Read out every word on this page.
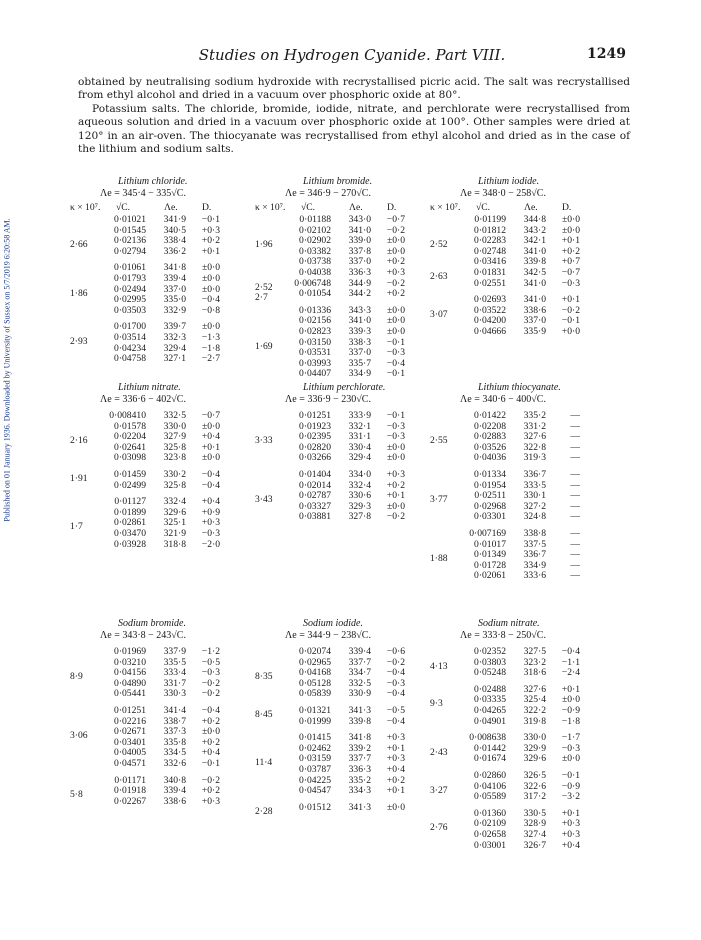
Published on 01 January 1936. Downloaded by University of Sussex on 5/7/2019 6:20:58 AM.
Studies on Hydrogen Cyanide. Part VIII.	1249

obtained by neutralising sodium hydroxide with recrystallised picric acid. The salt was recrystallised from ethyl alcohol and dried in a vacuum over phosphoric oxide at 80°.

Potassium salts. The chloride, bromide, iodide, nitrate, and perchlorate were recrystallised from aqueous solution and dried in a vacuum over phosphoric oxide at 100°. Other samples were dried at 120° in an air-oven. The thiocyanate was recrystallised from ethyl alcohol and dried as in the case of the lithium and sodium salts.

Lithium chloride.
Λe = 345·4 − 335√C.
κ × 10⁷. √C.	Λe.	D.
0·01021 341·9 −0·1
0·01545 340·5 +0·3
2·66	0·02136 338·4 +0·2
0·02794 336·2 +0·1
0·01061 341·8 ±0·0
0·01793 339·4 ±0·0
1·86	0·02494 337·0 ±0·0
0·02995 335·0 −0·4
0·03503 332·9 −0·8
0·01700 339·7 ±0·0
2·93	0·03514 332·3 −1·3
0·04234 329·4 −1·8
0·04758 327·1 −2·7
Lithium bromide.
Λe = 346·9 − 270√C.
κ × 10⁷. √C.	Λe.	D.
0·01188 343·0 −0·7
0·02102 341·0 −0·2
1·96	0·02902 339·0 ±0·0
0·03382 337·8 ±0·0
0·03738 337·0 +0·2
0·04038 336·3 +0·3
2·52 0·006748 344·9 −0·2
2·7	0·01054 344·2 +0·2
0·01336 343·3 ±0·0
0·02156 341·0 ±0·0
0·02823 339·3 ±0·0
1·69	0·03150 338·3 −0·1
0·03531 337·0 −0·3
0·03993 335·7 −0·4
0·04407 334·9 −0·1
Lithium iodide.
Λe = 348·0 − 258√C.
κ × 10⁷. √C.	Λe.	D.
0·01199 344·8 ±0·0
0·01812 343·2 ±0·0
2·52	0·02283 342·1 +0·1
0·02748 341·0 +0·2
0·03416 339·8 +0·7
2·63	0·01831 342·5 −0·7
0·02551 341·0 −0·3
0·02693 341·0 +0·1
3·07	0·03522 338·6 −0·2
0·04200 337·0 −0·1
0·04666 335·9 +0·0
Lithium nitrate.
Λe = 336·6 − 402√C.
0·008410 332·5 −0·7
0·01578 330·0 ±0·0
2·16	0·02204 327·9 +0·4
0·02641 325·8 +0·1
0·03098 323·8 ±0·0
1·91	0·01459 330·2 −0·4
0·02499 325·8 −0·4
0·01127 332·4 +0·4
0·01899 329·6 +0·9
1·7	0·02861 325·1 +0·3
0·03470 321·9 −0·3
0·03928 318·8 −2·0
Lithium perchlorate.
Λe = 336·9 − 230√C.
0·01251 333·9 −0·1
0·01923 332·1 −0·3
3·33	0·02395 331·1 −0·3
0·02820 330·4 ±0·0
0·03266 329·4 ±0·0
0·01404 334·0 +0·3
0·02014 332·4 +0·2
3·43	0·02787 330·6 +0·1
0·03327 329·3 ±0·0
0·03881 327·8 −0·2
Lithium thiocyanate.
Λe = 340·6 − 400√C.
0·01422 335·2	—
0·02208 331·2	—
2·55	0·02883 327·6	—
0·03526 322·8	—
0·04036 319·3	—
0·01334 336·7	—
0·01954 333·5	—
3·77	0·02511 330·1	—
0·02968 327·2	—
0·03301 324·8	—
0·007169 338·8	—
0·01017 337·5	—
1·88	0·01349 336·7	—
0·01728 334·9	—
0·02061 333·6	—
Sodium bromide.
Λe = 343·8 − 243√C.
0·01969 337·9 −1·2
0·03210 335·5 −0·5
8·9	0·04156 333·4 −0·3
0·04890 331·7 −0·2
0·05441 330·3 −0·2
0·01251 341·4 −0·4
0·02216 338·7 +0·2
3·06	0·02671 337·3 ±0·0
0·03401 335·8 +0·2
0·04005 334·5 +0·4
0·04571 332·6 −0·1
0·01171 340·8 −0·2
5·8	0·01918 339·4 +0·2
0·02267 338·6 +0·3
Sodium iodide.
Λe = 344·9 − 238√C.
0·02074 339·4 −0·6
0·02965 337·7 −0·2
8·35	0·04168 334·7 −0·4
0·05128 332·5 −0·3
0·05839 330·9 −0·4
8·45	0·01321 341·3 −0·5
0·01999 339·8 −0·4
0·01415 341·8 +0·3
0·02462 339·2 +0·1
11·4	0·03159 337·7 +0·3
0·03787 336·3 +0·4
0·04225 335·2 +0·2
0·04547 334·3 +0·1
2·28	0·01512 341·3 ±0·0
Sodium nitrate.
Λe = 333·8 − 250√C.
0·02352 327·5 −0·4
4·13	0·03803 323·2 −1·1
0·05248 318·6 −2·4
0·02488 327·6 +0·1
9·3	0·03335 325·4 ±0·0
0·04265 322·2 −0·9
0·04901 319·8 −1·8
0·008638 330·0 −1·7
2·43	0·01442 329·9 −0·3
0·01674 329·6 ±0·0
0·02860 326·5 −0·1
3·27	0·04106 322·6 −0·9
0·05589 317·2 −3·2
0·01360 330·5 +0·1
2·76	0·02109 328·9 +0·3
0·02658 327·4 +0·3
0·03001 326·7 +0·4
